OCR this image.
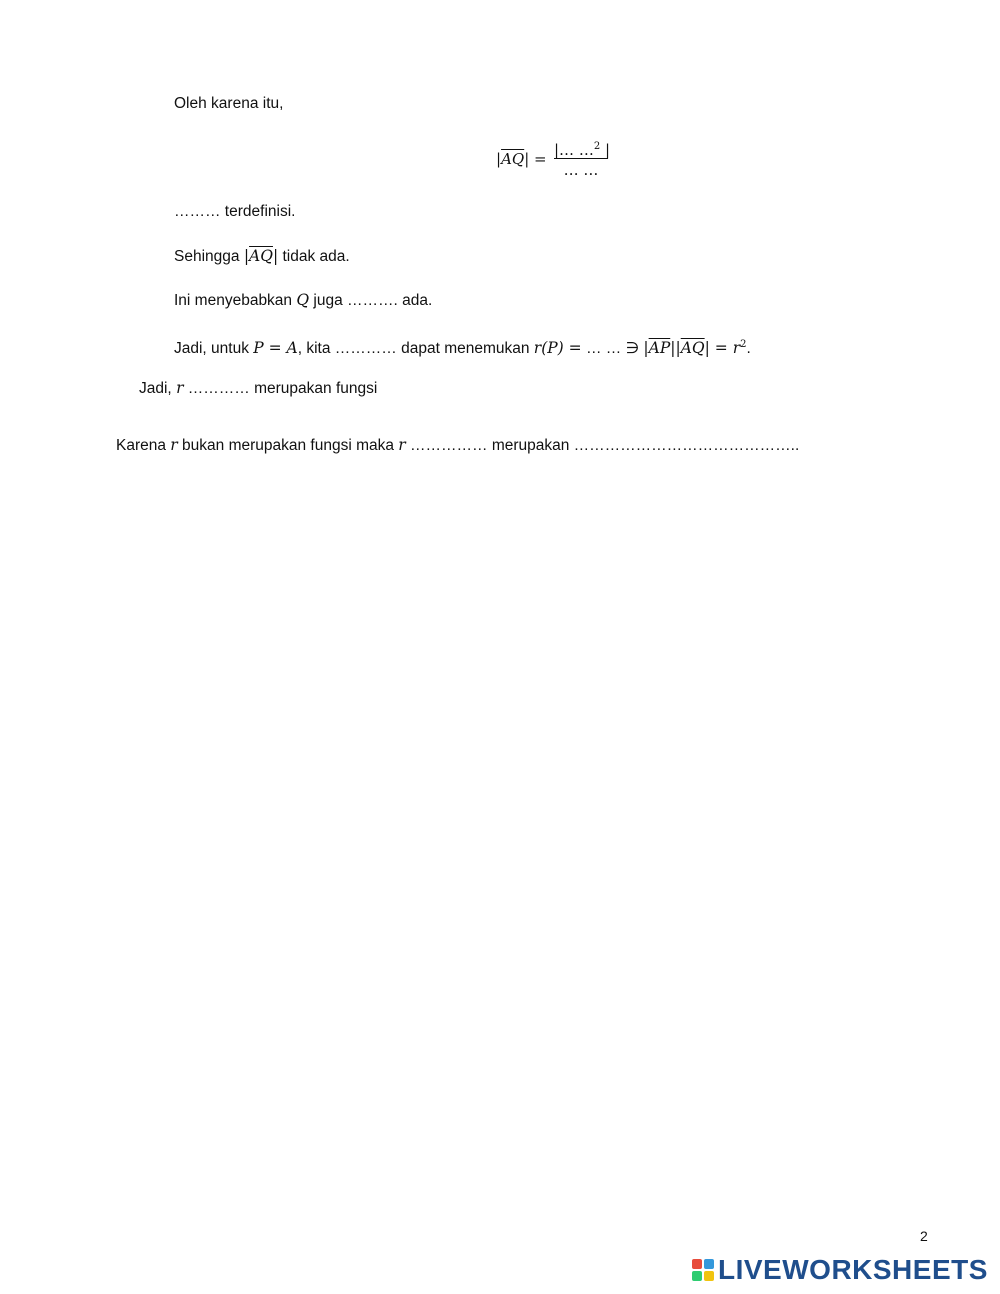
Oleh karena itu,
$|\overline{AQ}|$ = |… …$^2$ |
… …
……… terdefinisi.
Sehingga $|\overline{AQ}|$ tidak ada.
Ini menyebabkan Q juga ………. ada.
Jadi, untuk P = A, kita ………… dapat menemukan r(P) = … … ∋ $|\overline{AP}||\overline{AQ}| = r^2$.
Jadi, r ………… merupakan fungsi
Karena r bukan merupakan fungsi maka r …………… merupakan ……………………………………..
2
LIVEWORKSHEETS
